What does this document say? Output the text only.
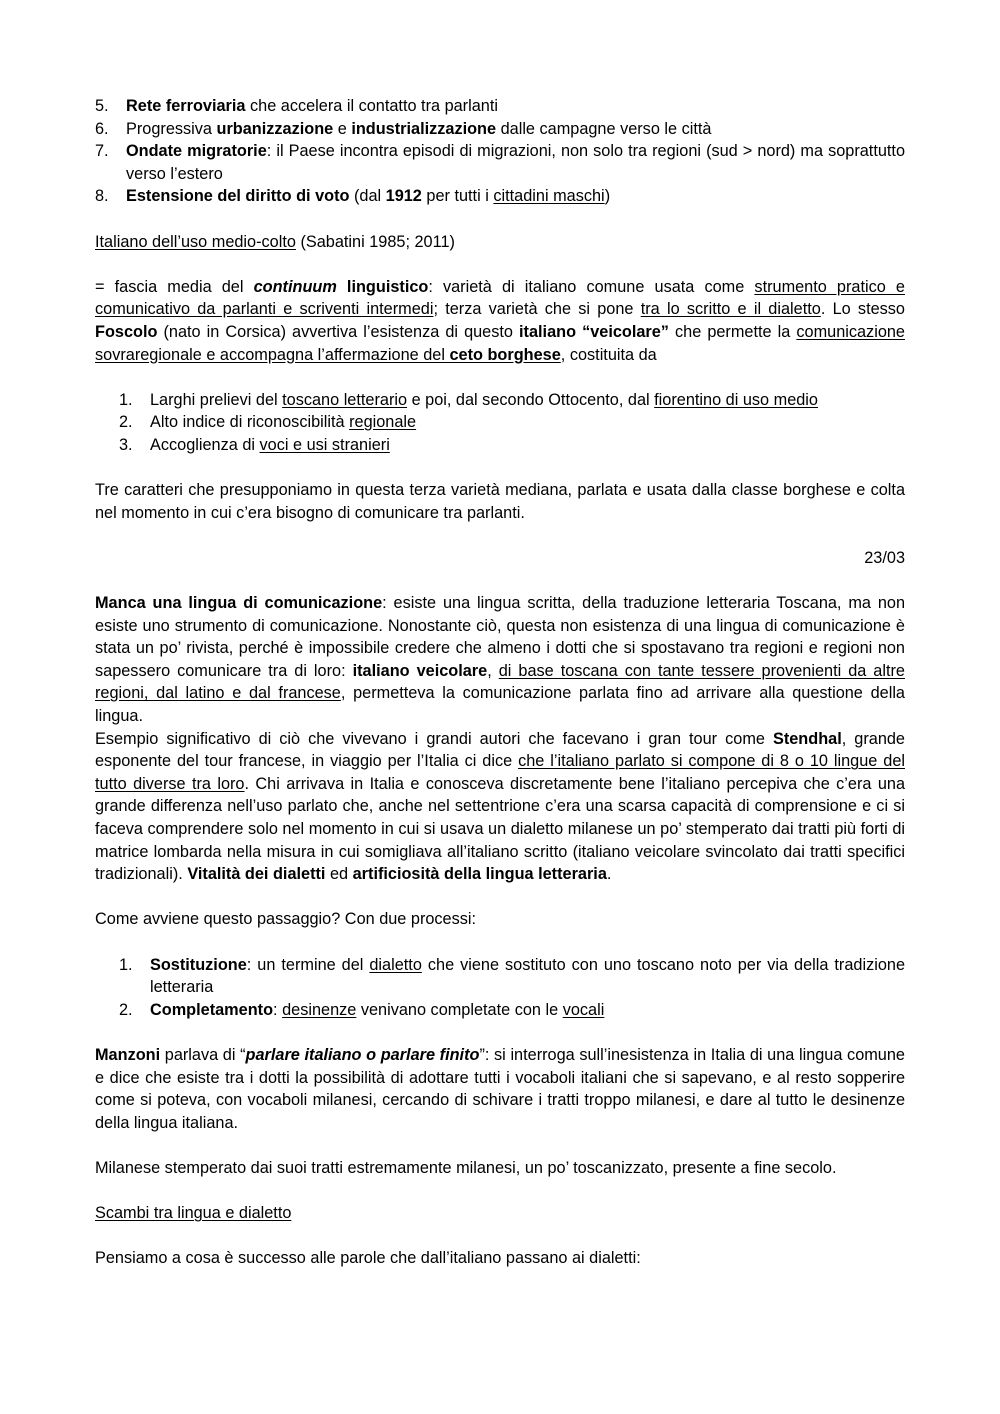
5. Rete ferroviaria che accelera il contatto tra parlanti
6. Progressiva urbanizzazione e industrializzazione dalle campagne verso le città
7. Ondate migratorie: il Paese incontra episodi di migrazioni, non solo tra regioni (sud > nord) ma soprattutto verso l’estero
8. Estensione del diritto di voto (dal 1912 per tutti i cittadini maschi)

Italiano dell’uso medio-colto (Sabatini 1985; 2011)

= fascia media del continuum linguistico: varietà di italiano comune usata come strumento pratico e comunicativo da parlanti e scriventi intermedi; terza varietà che si pone tra lo scritto e il dialetto. Lo stesso Foscolo (nato in Corsica) avvertiva l’esistenza di questo italiano “veicolare” che permette la comunicazione sovraregionale e accompagna l’affermazione del ceto borghese, costituita da

1. Larghi prelievi del toscano letterario e poi, dal secondo Ottocento, dal fiorentino di uso medio
2. Alto indice di riconoscibilità regionale
3. Accoglienza di voci e usi stranieri

Tre caratteri che presupponiamo in questa terza varietà mediana, parlata e usata dalla classe borghese e colta nel momento in cui c’era bisogno di comunicare tra parlanti.

23/03

Manca una lingua di comunicazione: esiste una lingua scritta, della traduzione letteraria Toscana, ma non esiste uno strumento di comunicazione. Nonostante ciò, questa non esistenza di una lingua di comunicazione è stata un po’ rivista, perché è impossibile credere che almeno i dotti che si spostavano tra regioni e regioni non sapessero comunicare tra di loro: italiano veicolare, di base toscana con tante tessere provenienti da altre regioni, dal latino e dal francese, permetteva la comunicazione parlata fino ad arrivare alla questione della lingua.

Esempio significativo di ciò che vivevano i grandi autori che facevano i gran tour come Stendhal, grande esponente del tour francese, in viaggio per l’Italia ci dice che l’italiano parlato si compone di 8 o 10 lingue del tutto diverse tra loro. Chi arrivava in Italia e conosceva discretamente bene l’italiano percepiva che c’era una grande differenza nell’uso parlato che, anche nel settentrione c’era una scarsa capacità di comprensione e ci si faceva comprendere solo nel momento in cui si usava un dialetto milanese un po’ stemperato dai tratti più forti di matrice lombarda nella misura in cui somigliava all’italiano scritto (italiano veicolare svincolato dai tratti specifici tradizionali). Vitalità dei dialetti ed artificiosità della lingua letteraria.

Come avviene questo passaggio? Con due processi:

1. Sostituzione: un termine del dialetto che viene sostituto con uno toscano noto per via della tradizione letteraria
2. Completamento: desinenze venivano completate con le vocali

Manzoni parlava di “parlare italiano o parlare finito”: si interroga sull’inesistenza in Italia di una lingua comune e dice che esiste tra i dotti la possibilità di adottare tutti i vocaboli italiani che si sapevano, e al resto sopperire come si poteva, con vocaboli milanesi, cercando di schivare i tratti troppo milanesi, e dare al tutto le desinenze della lingua italiana.

Milanese stemperato dai suoi tratti estremamente milanesi, un po’ toscanizzato, presente a fine secolo.

Scambi tra lingua e dialetto

Pensiamo a cosa è successo alle parole che dall’italiano passano ai dialetti:
